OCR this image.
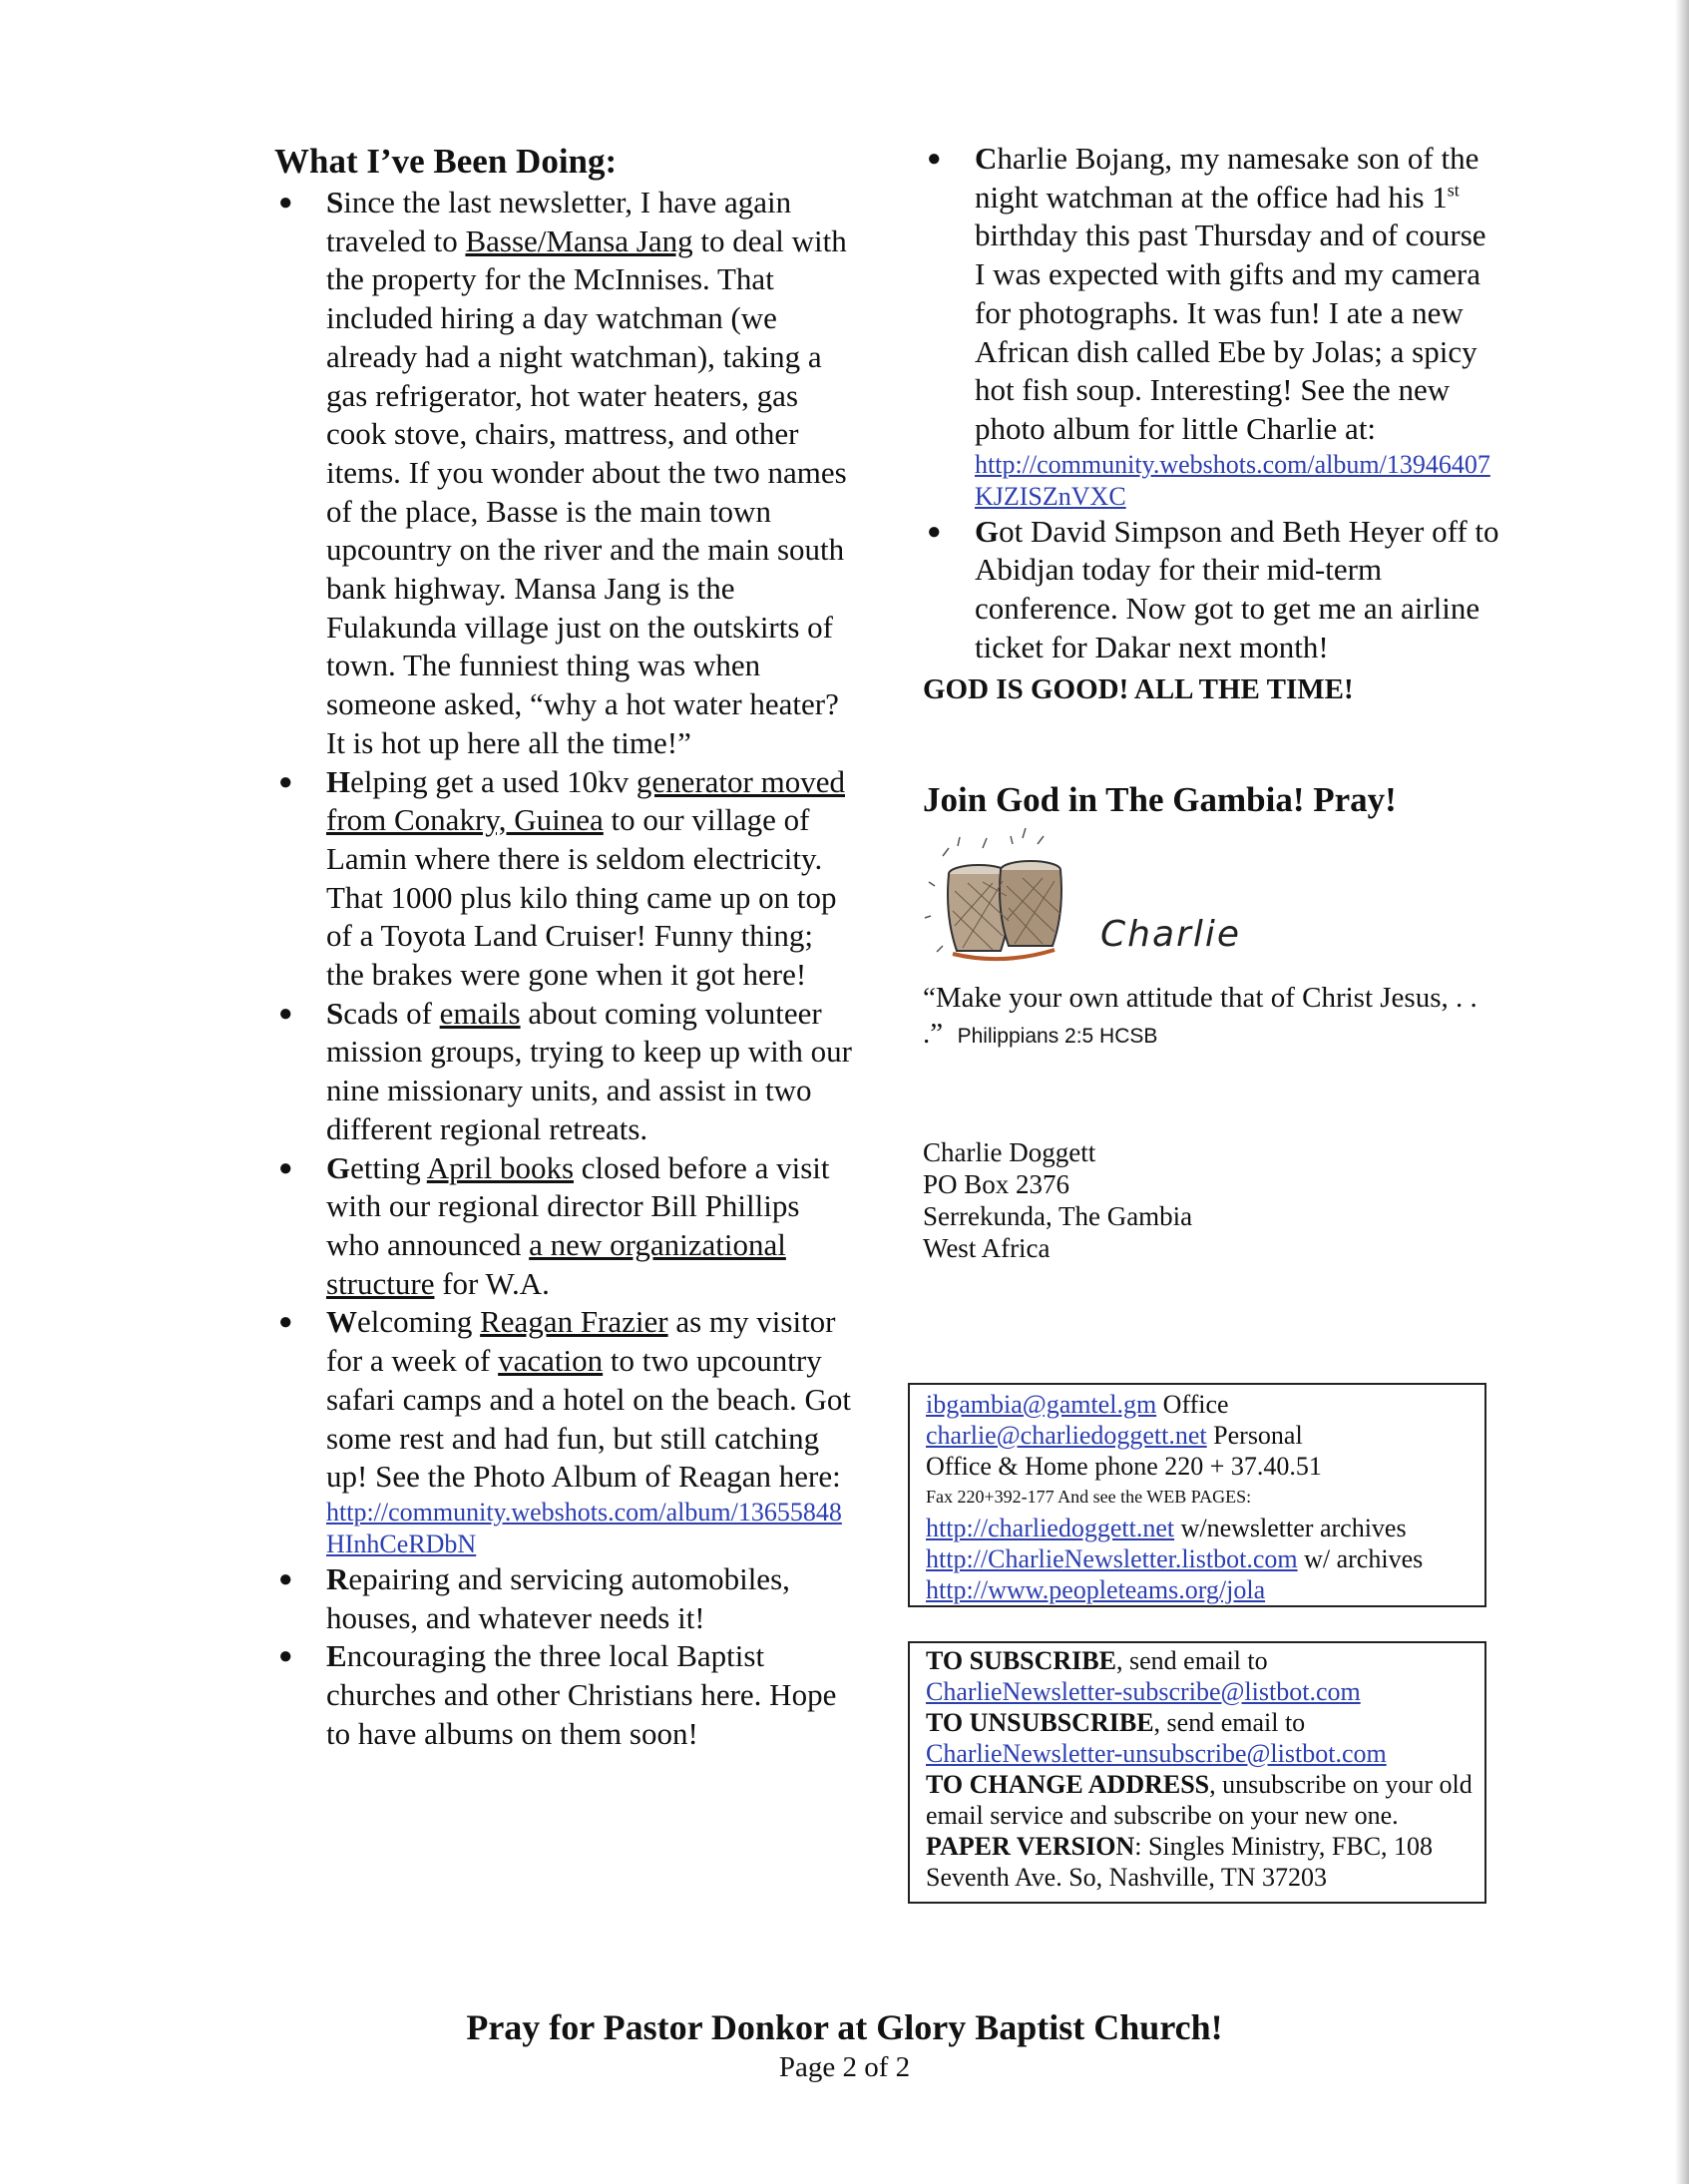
What I’ve Been Doing:
● Since the last newsletter, I have again traveled to Basse/Mansa Jang to deal with the property for the McInnises. That included hiring a day watchman (we already had a night watchman), taking a gas refrigerator, hot water heaters, gas cook stove, chairs, mattress, and other items. If you wonder about the two names of the place, Basse is the main town upcountry on the river and the main south bank highway. Mansa Jang is the Fulakunda village just on the outskirts of town. The funniest thing was when someone asked, “why a hot water heater? It is hot up here all the time!”
● Helping get a used 10kv generator moved from Conakry, Guinea to our village of Lamin where there is seldom electricity. That 1000 plus kilo thing came up on top of a Toyota Land Cruiser! Funny thing; the brakes were gone when it got here!
● Scads of emails about coming volunteer mission groups, trying to keep up with our nine missionary units, and assist in two different regional retreats.
● Getting April books closed before a visit with our regional director Bill Phillips who announced a new organizational structure for W.A.
● Welcoming Reagan Frazier as my visitor for a week of vacation to two upcountry safari camps and a hotel on the beach. Got some rest and had fun, but still catching up! See the Photo Album of Reagan here:
http://community.webshots.com/album/13655848HInhCeRDbN
● Repairing and servicing automobiles, houses, and whatever needs it!
● Encouraging the three local Baptist churches and other Christians here. Hope to have albums on them soon!
● Charlie Bojang, my namesake son of the night watchman at the office had his 1st birthday this past Thursday and of course I was expected with gifts and my camera for photographs. It was fun! I ate a new African dish called Ebe by Jolas; a spicy hot fish soup. Interesting! See the new photo album for little Charlie at:
http://community.webshots.com/album/13946407KJZISZnVXC
● Got David Simpson and Beth Heyer off to Abidjan today for their mid-term conference. Now got to get me an airline ticket for Dakar next month!
GOD IS GOOD! ALL THE TIME!
Join God in The Gambia! Pray!
Charlie
“Make your own attitude that of Christ Jesus, . . .” Philippians 2:5 HCSB
Charlie Doggett
PO Box 2376
Serrekunda, The Gambia
West Africa
ibgambia@gamtel.gm Office
charlie@charliedoggett.net Personal
Office & Home phone 220 + 37.40.51
Fax 220+392-177 And see the WEB PAGES:
http://charliedoggett.net w/newsletter archives
http://CharlieNewsletter.listbot.com w/ archives
http://www.peopleteams.org/jola
TO SUBSCRIBE, send email to
CharlieNewsletter-subscribe@listbot.com
TO UNSUBSCRIBE, send email to
CharlieNewsletter-unsubscribe@listbot.com
TO CHANGE ADDRESS, unsubscribe on your old email service and subscribe on your new one.
PAPER VERSION: Singles Ministry, FBC, 108 Seventh Ave. So, Nashville, TN 37203
Pray for Pastor Donkor at Glory Baptist Church!
Page 2 of 2
